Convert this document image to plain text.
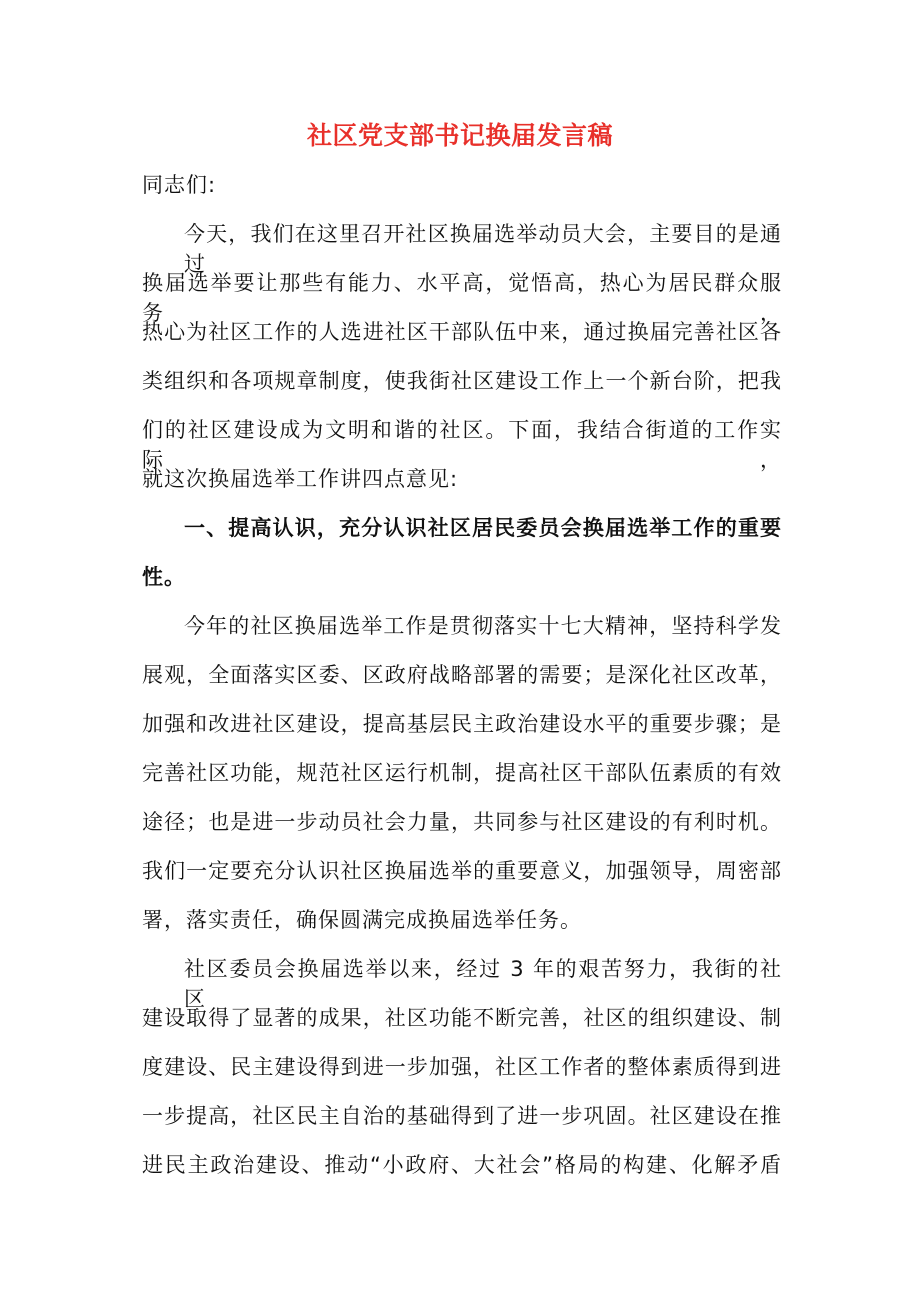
社区党支部书记换届发言稿
同志们:
今天，我们在这里召开社区换届选举动员大会，主要目的是通过
换届选举要让那些有能力、水平高，觉悟高，热心为居民群众服务，
热心为社区工作的人选进社区干部队伍中来，通过换届完善社区各
类组织和各项规章制度，使我街社区建设工作上一个新台阶，把我
们的社区建设成为文明和谐的社区。下面，我结合街道的工作实际，
就这次换届选举工作讲四点意见:
一、提高认识，充分认识社区居民委员会换届选举工作的重要
性。
今年的社区换届选举工作是贯彻落实十七大精神，坚持科学发
展观，全面落实区委、区政府战略部署的需要；是深化社区改革，
加强和改进社区建设，提高基层民主政治建设水平的重要步骤；是
完善社区功能，规范社区运行机制，提高社区干部队伍素质的有效
途径；也是进一步动员社会力量，共同参与社区建设的有利时机。
我们一定要充分认识社区换届选举的重要意义，加强领导，周密部
署，落实责任，确保圆满完成换届选举任务。
社区委员会换届选举以来，经过 3 年的艰苦努力，我街的社区
建设取得了显著的成果，社区功能不断完善，社区的组织建设、制
度建设、民主建设得到进一步加强，社区工作者的整体素质得到进
一步提高，社区民主自治的基础得到了进一步巩固。社区建设在推
进民主政治建设、推动“小政府、大社会”格局的构建、化解矛盾
